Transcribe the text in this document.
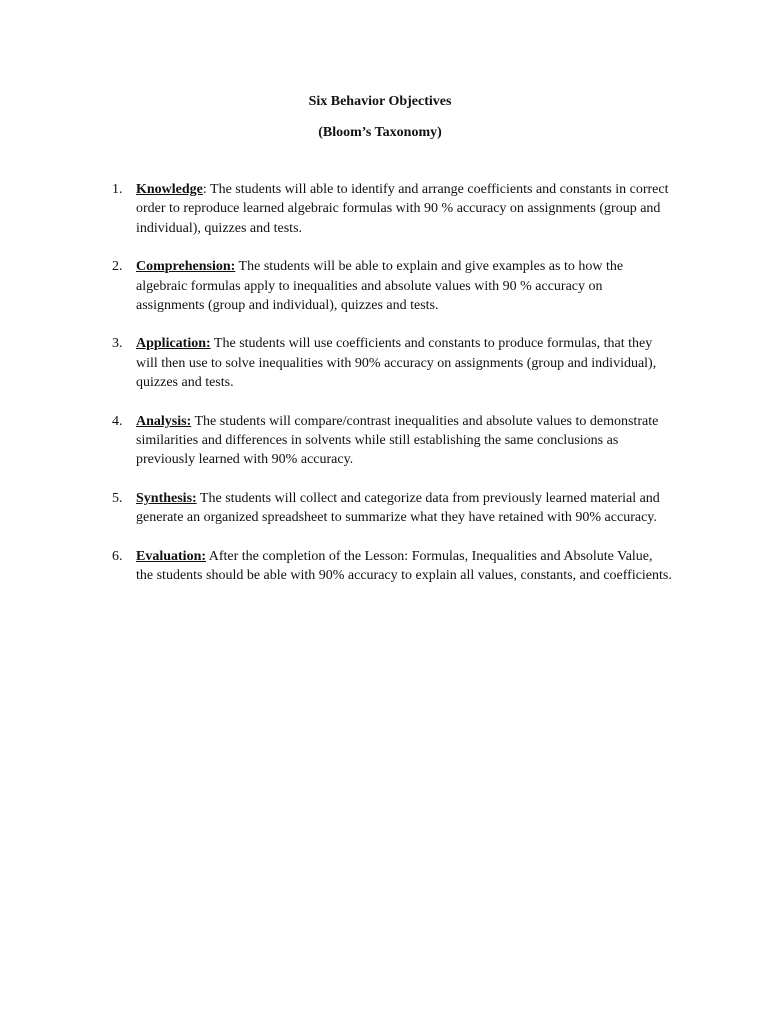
Six Behavior Objectives
(Bloom’s Taxonomy)
1. Knowledge: The students will able to identify and arrange coefficients and constants in correct order to reproduce learned algebraic formulas with 90 % accuracy on assignments (group and individual), quizzes and tests.
2. Comprehension: The students will be able to explain and give examples as to how the algebraic formulas apply to inequalities and absolute values with 90 % accuracy on assignments (group and individual), quizzes and tests.
3. Application: The students will use coefficients and constants to produce formulas, that they will then use to solve inequalities with 90% accuracy on assignments (group and individual), quizzes and tests.
4. Analysis: The students will compare/contrast inequalities and absolute values to demonstrate similarities and differences in solvents while still establishing the same conclusions as previously learned with 90% accuracy.
5. Synthesis: The students will collect and categorize data from previously learned material and generate an organized spreadsheet to summarize what they have retained with 90% accuracy.
6. Evaluation: After the completion of the Lesson: Formulas, Inequalities and Absolute Value, the students should be able with 90% accuracy to explain all values, constants, and coefficients.
